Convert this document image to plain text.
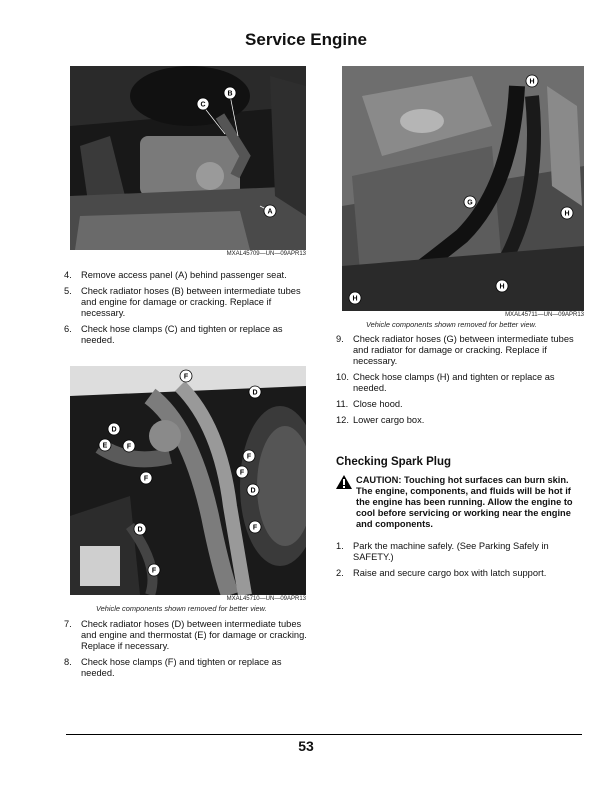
Service Engine
C
B
A
MXAL45709—UN—09APR13
4. Remove access panel (A) behind passenger seat.
5. Check radiator hoses (B) between intermediate tubes and engine for damage or cracking. Replace if necessary.
6. Check hose clamps (C) and tighten or replace as needed.
F
D
D
E	F
F
F
F
D
D	F
F
MXAL45710—UN—09APR13
Vehicle components shown removed for better view.
7. Check radiator hoses (D) between intermediate tubes and engine and thermostat (E) for damage or cracking. Replace if necessary.
8. Check hose clamps (F) and tighten or replace as needed.
H
G
H
H
H
MXAL45711—UN—09APR13
Vehicle components shown removed for better view.
9. Check radiator hoses (G) between intermediate tubes and radiator for damage or cracking. Replace if necessary.
10. Check hose clamps (H) and tighten or replace as needed.
11. Close hood.
12. Lower cargo box.
Checking Spark Plug
CAUTION: Touching hot surfaces can burn skin. The engine, components, and fluids will be hot if the engine has been running. Allow the engine to cool before servicing or working near the engine and components.
1. Park the machine safely. (See Parking Safely in SAFETY.)
2. Raise and secure cargo box with latch support.
53
